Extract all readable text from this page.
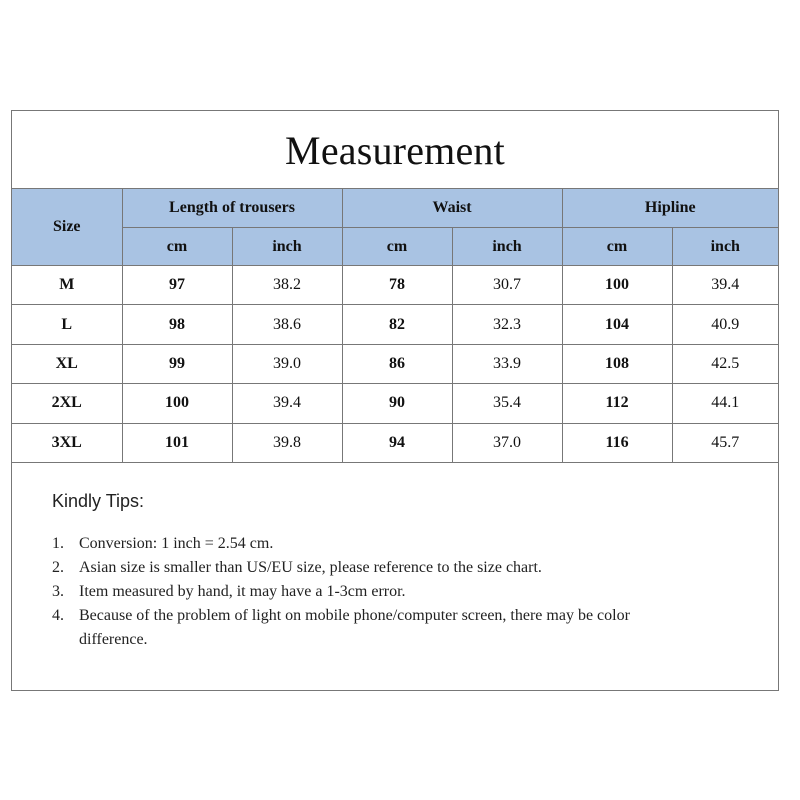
Measurement
Size	Length of trousers		Waist		Hipline	
	cm	inch	cm	inch	cm	inch
M	97	38.2	78	30.7	100	39.4
L	98	38.6	82	32.3	104	40.9
XL	99	39.0	86	33.9	108	42.5
2XL	100	39.4	90	35.4	112	44.1
3XL	101	39.8	94	37.0	116	45.7
Kindly Tips:
1. Conversion: 1 inch = 2.54 cm.
2. Asian size is smaller than US/EU size, please reference to the size chart.
3. Item measured by hand, it may have a 1-3cm error.
4. Because of the problem of light on mobile phone/computer screen, there may be color difference.
